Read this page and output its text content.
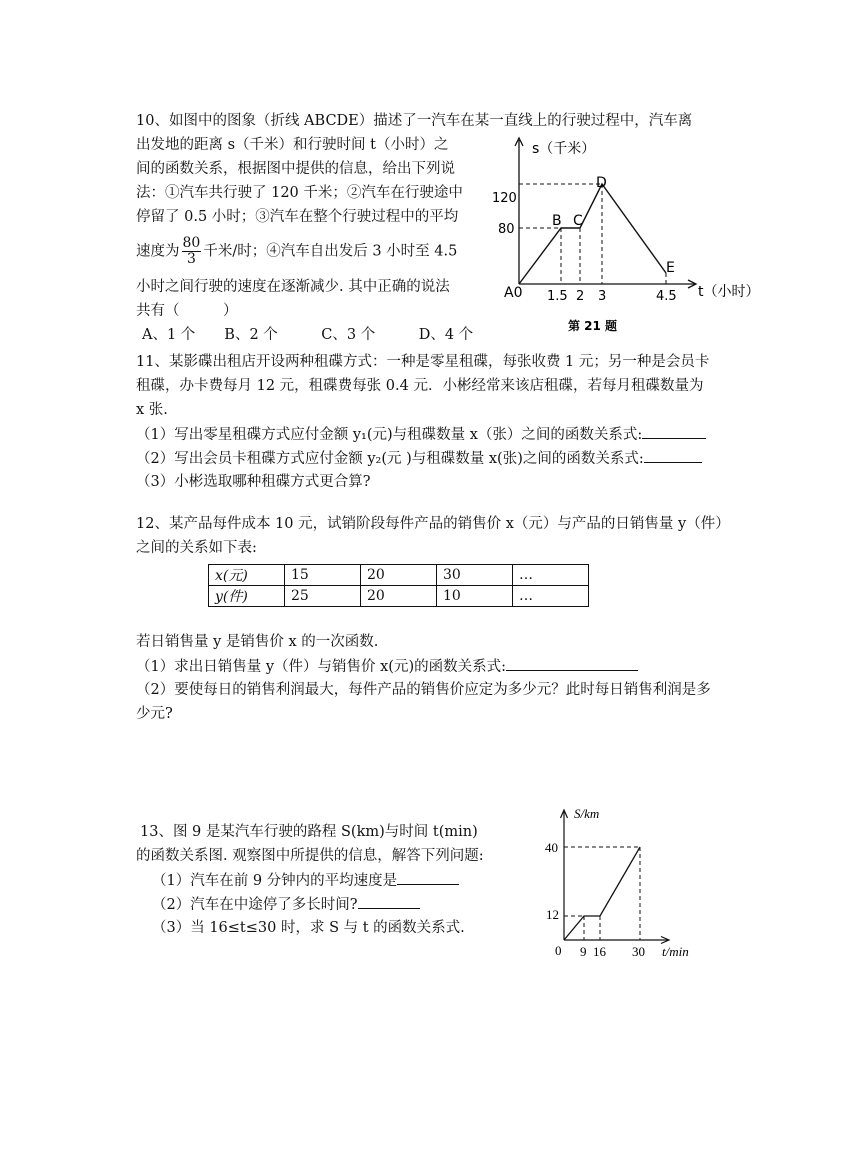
10、如图中的图象（折线 ABCDE）描述了一汽车在某一直线上的行驶过程中，汽车离
出发地的距离 s（千米）和行驶时间 t（小时）之
间的函数关系，根据图中提供的信息，给出下列说
法：①汽车共行驶了 120 千米；②汽车在行驶途中
停留了 0.5 小时；③汽车在整个行驶过程中的平均
速度为 $\frac{80}{3}$ 千米/时；④汽车自出发后 3 小时至 4.5
小时之间行驶的速度在逐渐减少. 其中正确的说法
共有（　　　）
A、1 个　　B、2 个　　　C、3 个　　　D、4 个
s（千米）
t（小时）
120
80
A0 1.5 2 3	4.5
B C
D
E
第 21 题
11、某影碟出租店开设两种租碟方式：一种是零星租碟，每张收费 1 元；另一种是会员卡
租碟，办卡费每月 12 元，租碟费每张 0.4 元．小彬经常来该店租碟，若每月租碟数量为
x 张.
（1）写出零星租碟方式应付金额 y₁(元)与租碟数量 x（张）之间的函数关系式:
（2）写出会员卡租碟方式应付金额 y₂(元 )与租碟数量 x(张)之间的函数关系式:
（3）小彬选取哪种租碟方式更合算?
12、某产品每件成本 10 元，试销阶段每件产品的销售价 x（元）与产品的日销售量 y（件）
之间的关系如下表:
x(元)	15	20	30	…
y(件)	25	20	10	…
若日销售量 y 是销售价 x 的一次函数.
（1）求出日销售量 y（件）与销售价 x(元)的函数关系式:
（2）要使每日的销售利润最大，每件产品的销售价应定为多少元？此时每日销售利润是多
少元?
13、图 9 是某汽车行驶的路程 S(km)与时间 t(min)
的函数关系图. 观察图中所提供的信息，解答下列问题:
（1）汽车在前 9 分钟内的平均速度是
（2）汽车在中途停了多长时间?
（3）当 16≤t≤30 时，求 S 与 t 的函数关系式.
S/km
t/min
40
12
0 9 16 30
